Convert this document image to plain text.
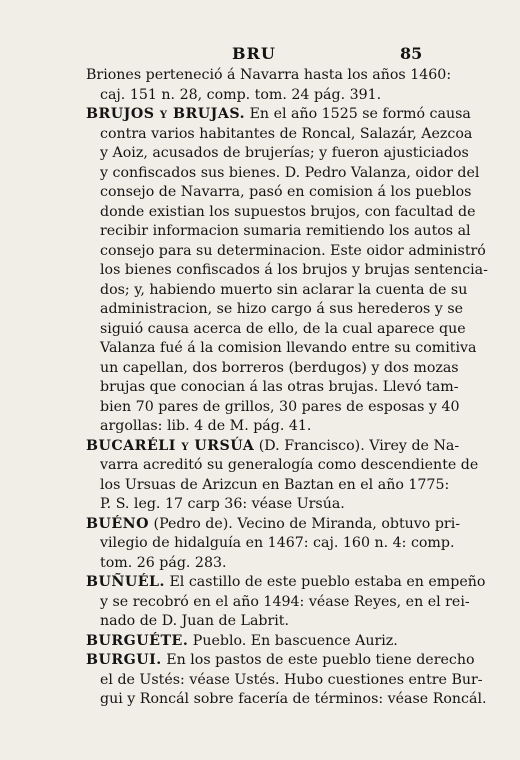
BRU	85
Briones perteneció á Navarra hasta los años 1460:
caj. 151 n. 28, comp. tom. 24 pág. 391.
BRUJOS y BRUJAS. En el año 1525 se formó causa
contra varios habitantes de Roncal, Salazár, Aezcoa
y Aoiz, acusados de brujerías; y fueron ajusticiados
y confiscados sus bienes. D. Pedro Valanza, oidor del
consejo de Navarra, pasó en comision á los pueblos
donde existian los supuestos brujos, con facultad de
recibir informacion sumaria remitiendo los autos al
consejo para su determinacion. Este oidor administró
los bienes confiscados á los brujos y brujas sentencia-
dos; y, habiendo muerto sin aclarar la cuenta de su
administracion, se hizo cargo á sus herederos y se
siguió causa acerca de ello, de la cual aparece que
Valanza fué á la comision llevando entre su comitiva
un capellan, dos borreros (berdugos) y dos mozas
brujas que conocian á las otras brujas. Llevó tam-
bien 70 pares de grillos, 30 pares de esposas y 40
argollas: lib. 4 de M. pág. 41.
BUCARÉLI y URSÚA (D. Francisco). Virey de Na-
varra acreditó su generalogía como descendiente de
los Ursuas de Arizcun en Baztan en el año 1775:
P. S. leg. 17 carp 36: véase Ursúa.
BUÉNO (Pedro de). Vecino de Miranda, obtuvo pri-
vilegio de hidalguía en 1467: caj. 160 n. 4: comp.
tom. 26 pág. 283.
BUÑUÉL. El castillo de este pueblo estaba en empeño
y se recobró en el año 1494: véase Reyes, en el rei-
nado de D. Juan de Labrit.
BURGUÉTE. Pueblo. En bascuence Auriz.
BURGUI. En los pastos de este pueblo tiene derecho
el de Ustés: véase Ustés. Hubo cuestiones entre Bur-
gui y Roncál sobre facería de términos: véase Roncál.
